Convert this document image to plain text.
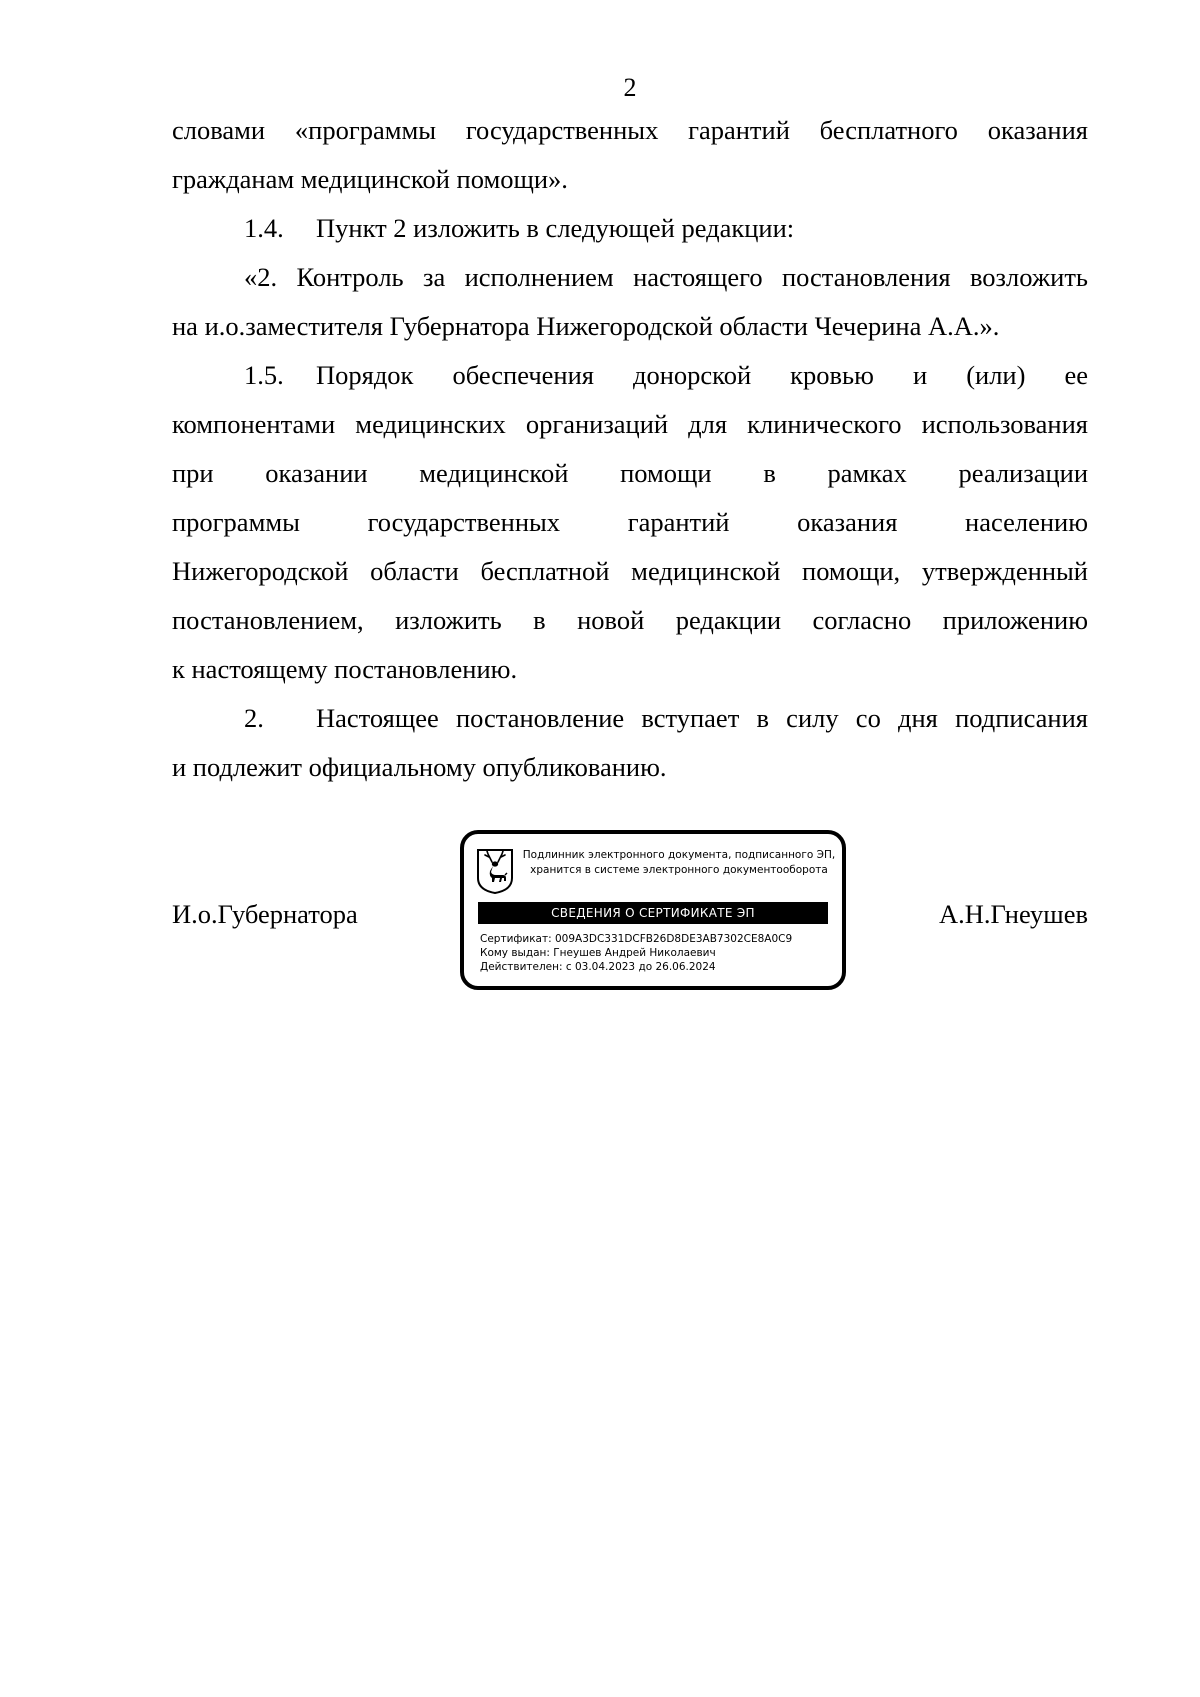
2
словами «программы государственных гарантий бесплатного оказания
гражданам медицинской помощи».
1.4. Пункт 2 изложить в следующей редакции:
«2. Контроль за исполнением настоящего постановления возложить
на и.о.заместителя Губернатора Нижегородской области Чечерина А.А.».
1.5. Порядок обеспечения донорской кровью и (или) ее
компонентами медицинских организаций для клинического использования
при оказании медицинской помощи в рамках реализации
программы государственных гарантий оказания населению
Нижегородской области бесплатной медицинской помощи, утвержденный
постановлением, изложить в новой редакции согласно приложению
к настоящему постановлению.
2. Настоящее постановление вступает в силу со дня подписания
и подлежит официальному опубликованию.
И.о.Губернатора	А.Н.Гнеушев
Подлинник электронного документа, подписанного ЭП,
хранится в системе электронного документооборота
СВЕДЕНИЯ О СЕРТИФИКАТЕ ЭП
Сертификат: 009A3DC331DCFB26D8DE3AB7302CE8A0C9
Кому выдан: Гнеушев Андрей Николаевич
Действителен: с 03.04.2023 до 26.06.2024
